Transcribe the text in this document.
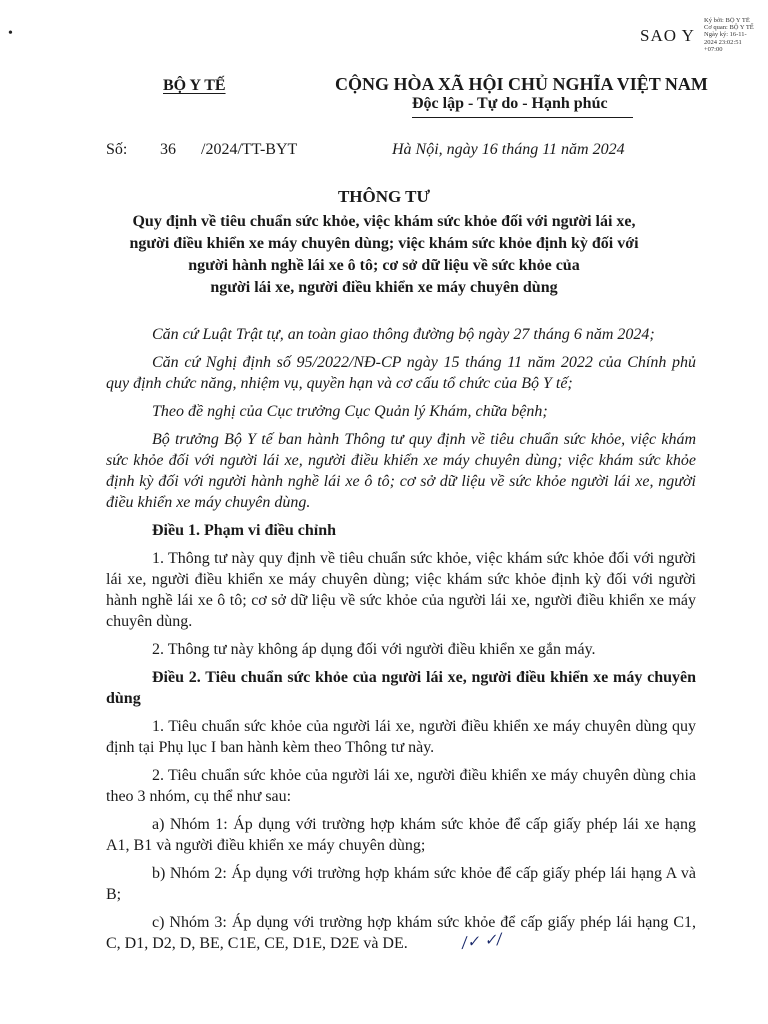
•	SAO Y
Ký bởi: BỘ Y TẾ
Cơ quan: BỘ Y TẾ
Ngày ký: 16-11-
2024 23:02:51
+07:00
BỘ Y TẾ	CỘNG HÒA XÃ HỘI CHỦ NGHĨA VIỆT NAM
Độc lập - Tự do - Hạnh phúc
Số: 36 /2024/TT-BYT	Hà Nội, ngày 16 tháng 11 năm 2024
THÔNG TƯ
Quy định về tiêu chuẩn sức khỏe, việc khám sức khỏe đối với người lái xe,
người điều khiển xe máy chuyên dùng; việc khám sức khỏe định kỳ đối với
người hành nghề lái xe ô tô; cơ sở dữ liệu về sức khỏe của
người lái xe, người điều khiển xe máy chuyên dùng

Căn cứ Luật Trật tự, an toàn giao thông đường bộ ngày 27 tháng 6 năm 2024;

Căn cứ Nghị định số 95/2022/NĐ-CP ngày 15 tháng 11 năm 2022 của Chính phủ quy định chức năng, nhiệm vụ, quyền hạn và cơ cấu tổ chức của Bộ Y tế;

Theo đề nghị của Cục trưởng Cục Quản lý Khám, chữa bệnh;

Bộ trưởng Bộ Y tế ban hành Thông tư quy định về tiêu chuẩn sức khỏe, việc khám sức khỏe đối với người lái xe, người điều khiển xe máy chuyên dùng; việc khám sức khỏe định kỳ đối với người hành nghề lái xe ô tô; cơ sở dữ liệu về sức khỏe người lái xe, người điều khiển xe máy chuyên dùng.

Điều 1. Phạm vi điều chỉnh

1. Thông tư này quy định về tiêu chuẩn sức khỏe, việc khám sức khỏe đối với người lái xe, người điều khiển xe máy chuyên dùng; việc khám sức khỏe định kỳ đối với người hành nghề lái xe ô tô; cơ sở dữ liệu về sức khỏe của người lái xe, người điều khiển xe máy chuyên dùng.

2. Thông tư này không áp dụng đối với người điều khiển xe gắn máy.

Điều 2. Tiêu chuẩn sức khỏe của người lái xe, người điều khiển xe máy chuyên dùng

1. Tiêu chuẩn sức khỏe của người lái xe, người điều khiển xe máy chuyên dùng quy định tại Phụ lục I ban hành kèm theo Thông tư này.

2. Tiêu chuẩn sức khỏe của người lái xe, người điều khiển xe máy chuyên dùng chia theo 3 nhóm, cụ thể như sau:

a) Nhóm 1: Áp dụng với trường hợp khám sức khỏe để cấp giấy phép lái xe hạng A1, B1 và người điều khiển xe máy chuyên dùng;

b) Nhóm 2: Áp dụng với trường hợp khám sức khỏe để cấp giấy phép lái hạng A và B;

c) Nhóm 3: Áp dụng với trường hợp khám sức khỏe để cấp giấy phép lái hạng C1, C, D1, D2, D, BE, C1E, CE, D1E, D2E và DE.	/✓ ✓/
